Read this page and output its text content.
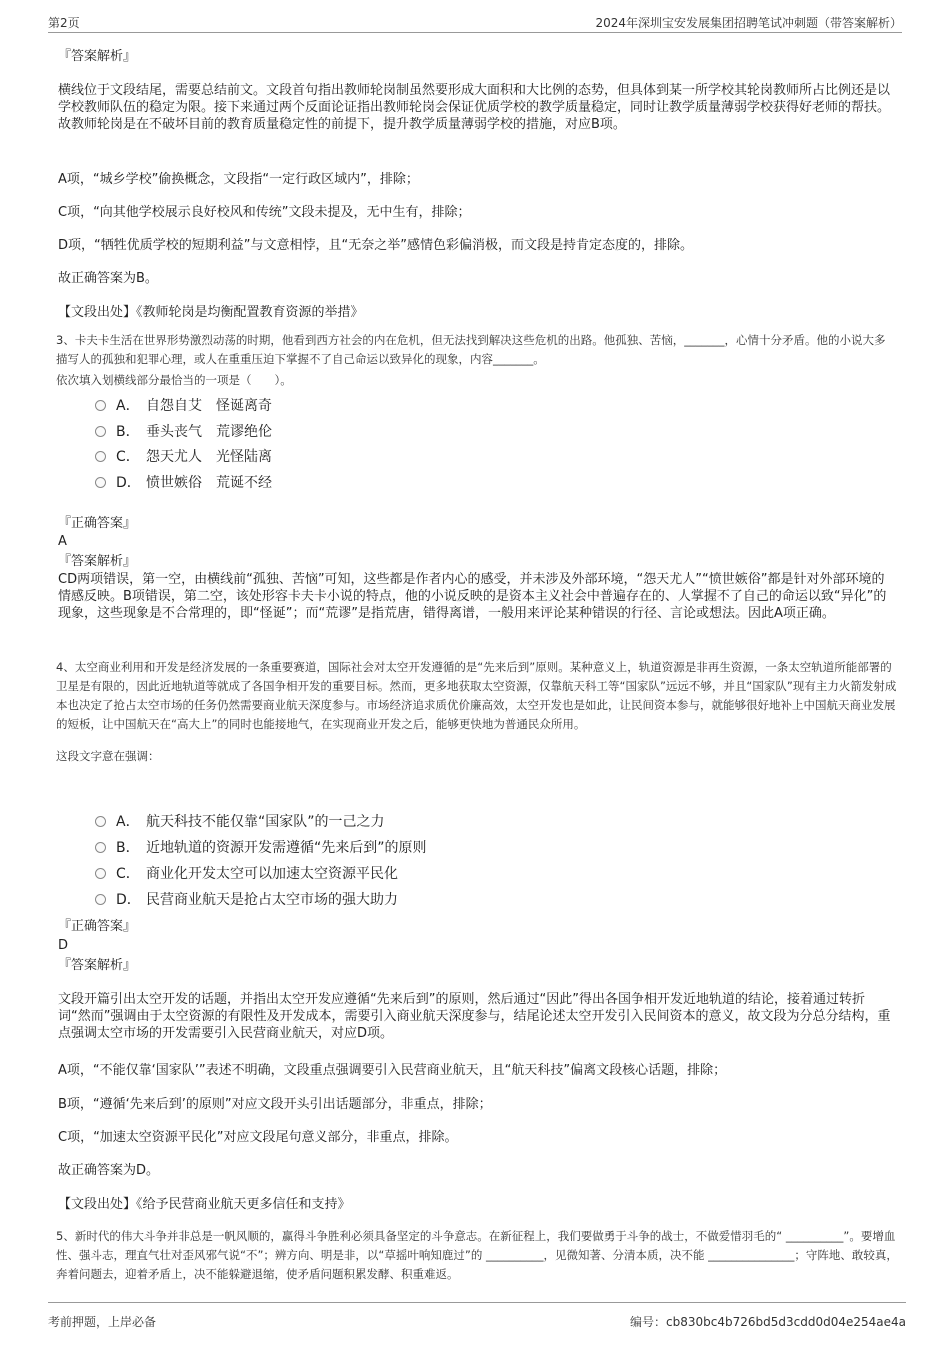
第2页	2024年深圳宝安发展集团招聘笔试冲刺题（带答案解析）
『答案解析』
横线位于文段结尾，需要总结前文。文段首句指出教师轮岗制虽然要形成大面积和大比例的态势，但具体到某一所学校其轮岗教师所占比例还是以学校教师队伍的稳定为限。接下来通过两个反面论证指出教师轮岗会保证优质学校的教学质量稳定，同时让教学质量薄弱学校获得好老师的帮扶。故教师轮岗是在不破坏目前的教育质量稳定性的前提下，提升教学质量薄弱学校的措施，对应B项。
A项，“城乡学校”偷换概念，文段指“一定行政区域内”，排除；
C项，“向其他学校展示良好校风和传统”文段未提及，无中生有，排除；
D项，“牺牲优质学校的短期利益”与文意相悖，且“无奈之举”感情色彩偏消极，而文段是持肯定态度的，排除。
故正确答案为B。
【文段出处】《教师轮岗是均衡配置教育资源的举措》
3、卡夫卡生活在世界形势激烈动荡的时期，他看到西方社会的内在危机，但无法找到解决这些危机的出路。他孤独、苦恼，_______，心情十分矛盾。他的小说大多描写人的孤独和犯罪心理，或人在重重压迫下掌握不了自己命运以致异化的现象，内容_______。
依次填入划横线部分最恰当的一项是（　　）。
A． 自怨自艾　怪诞离奇
B． 垂头丧气　荒谬绝伦
C． 怨天尤人　光怪陆离
D． 愤世嫉俗　荒诞不经
『正确答案』
A
『答案解析』
CD两项错误，第一空，由横线前“孤独、苦恼”可知，这些都是作者内心的感受，并未涉及外部环境，“怨天尤人”“愤世嫉俗”都是针对外部环境的情感反映。B项错误，第二空，该处形容卡夫卡小说的特点，他的小说反映的是资本主义社会中普遍存在的、人掌握不了自己的命运以致“异化”的现象，这些现象是不合常理的，即“怪诞”；而“荒谬”是指荒唐，错得离谱，一般用来评论某种错误的行径、言论或想法。因此A项正确。
4、太空商业利用和开发是经济发展的一条重要赛道，国际社会对太空开发遵循的是“先来后到”原则。某种意义上，轨道资源是非再生资源，一条太空轨道所能部署的卫星是有限的，因此近地轨道等就成了各国争相开发的重要目标。然而，更多地获取太空资源，仅靠航天科工等“国家队”远远不够，并且“国家队”现有主力火箭发射成本也决定了抢占太空市场的任务仍然需要商业航天深度参与。市场经济追求质优价廉高效，太空开发也是如此，让民间资本参与，就能够很好地补上中国航天商业发展的短板，让中国航天在“高大上”的同时也能接地气，在实现商业开发之后，能够更快地为普通民众所用。
这段文字意在强调：
A． 航天科技不能仅靠“国家队”的一己之力
B． 近地轨道的资源开发需遵循“先来后到”的原则
C． 商业化开发太空可以加速太空资源平民化
D． 民营商业航天是抢占太空市场的强大助力
『正确答案』
D
『答案解析』
文段开篇引出太空开发的话题，并指出太空开发应遵循“先来后到”的原则，然后通过“因此”得出各国争相开发近地轨道的结论，接着通过转折词“然而”强调由于太空资源的有限性及开发成本，需要引入商业航天深度参与，结尾论述太空开发引入民间资本的意义，故文段为分总分结构，重点强调太空市场的开发需要引入民营商业航天，对应D项。
A项，“不能仅靠‘国家队’”表述不明确，文段重点强调要引入民营商业航天，且“航天科技”偏离文段核心话题，排除；
B项，“遵循‘先来后到’的原则”对应文段开头引出话题部分，非重点，排除；
C项，“加速太空资源平民化”对应文段尾句意义部分，非重点，排除。
故正确答案为D。
【文段出处】《给予民营商业航天更多信任和支持》
5、新时代的伟大斗争并非总是一帆风顺的，赢得斗争胜利必须具备坚定的斗争意志。在新征程上，我们要做勇于斗争的战士，不做爱惜羽毛的“ __________”。要增血性、强斗志，理直气壮对歪风邪气说“不”；辨方向、明是非，以“草摇叶响知鹿过”的 __________，见微知著、分清本质，决不能 _______________；守阵地、敢较真，奔着问题去，迎着矛盾上，决不能躲避退缩，使矛盾问题积累发酵、积重难返。
考前押题，上岸必备	编号：cb830bc4b726bd5d3cdd0d04e254ae4a
